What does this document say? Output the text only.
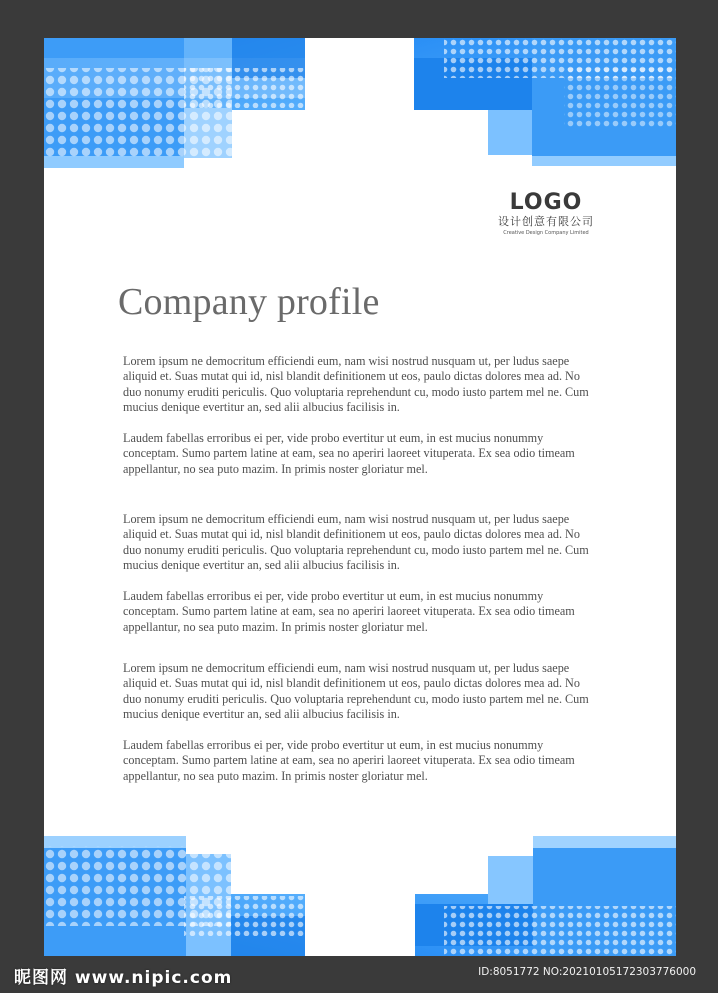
LOGO
设计创意有限公司
Creative Design Company Limited
Company profile

Lorem ipsum ne democritum efficiendi eum, nam wisi nostrud nusquam ut, per ludus saepe aliquid et. Suas mutat qui id, nisl blandit definitionem ut eos, paulo dictas dolores mea ad. No duo nonumy eruditi periculis. Quo voluptaria reprehendunt cu, modo iusto partem mel ne. Cum mucius denique evertitur an, sed alii albucius facilisis in.

Laudem fabellas erroribus ei per, vide probo evertitur ut eum, in est mucius nonummy conceptam. Sumo partem latine at eam, sea no aperiri laoreet vituperata. Ex sea odio timeam appellantur, no sea puto mazim. In primis noster gloriatur mel.

Lorem ipsum ne democritum efficiendi eum, nam wisi nostrud nusquam ut, per ludus saepe aliquid et. Suas mutat qui id, nisl blandit definitionem ut eos, paulo dictas dolores mea ad. No duo nonumy eruditi periculis. Quo voluptaria reprehendunt cu, modo iusto partem mel ne. Cum mucius denique evertitur an, sed alii albucius facilisis in.

Laudem fabellas erroribus ei per, vide probo evertitur ut eum, in est mucius nonummy conceptam. Sumo partem latine at eam, sea no aperiri laoreet vituperata. Ex sea odio timeam appellantur, no sea puto mazim. In primis noster gloriatur mel.

Lorem ipsum ne democritum efficiendi eum, nam wisi nostrud nusquam ut, per ludus saepe aliquid et. Suas mutat qui id, nisl blandit definitionem ut eos, paulo dictas dolores mea ad. No duo nonumy eruditi periculis. Quo voluptaria reprehendunt cu, modo iusto partem mel ne. Cum mucius denique evertitur an, sed alii albucius facilisis in.

Laudem fabellas erroribus ei per, vide probo evertitur ut eum, in est mucius nonummy conceptam. Sumo partem latine at eam, sea no aperiri laoreet vituperata. Ex sea odio timeam appellantur, no sea puto mazim. In primis noster gloriatur mel.

昵图网 www.nipic.com	ID:8051772 NO:20210105172303776000
